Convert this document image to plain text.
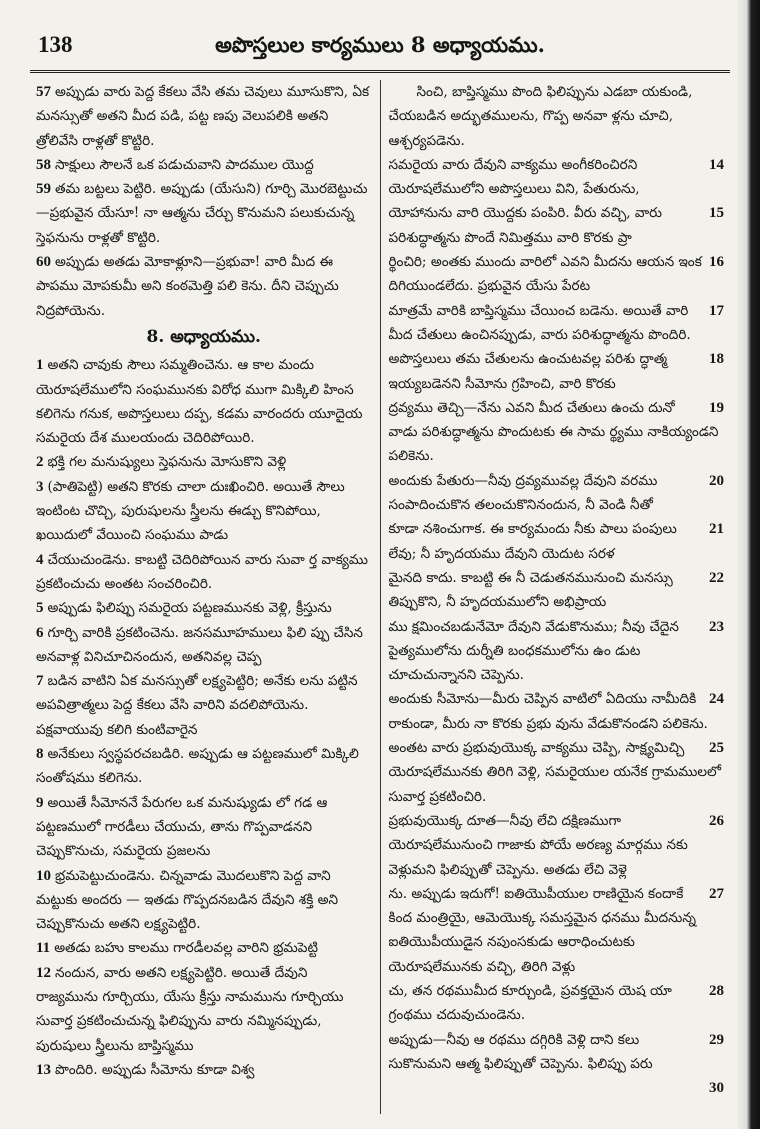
138	అపొస్తలుల కార్యములు 8 అధ్యాయము.

57 అప్పుడు వారు పెద్ద కేకలు వేసి తమ చెవులు మూసుకొని, ఏక మనస్సుతో అతని మీద పడి, పట్ట ణపు వెలుపలికి అతని త్రోలివేసి రాళ్లతో కొట్టిరి.

58 సాక్షులు సౌలనే ఒక పడుచువాని పాదముల యొద్ద

59 తమ బట్టలు పెట్టిరి. అప్పుడు (యేసుని) గూర్చి మొరబెట్టుచు—ప్రభువైన యేసూ! నా ఆత్మను చేర్చు కొనుమని పలుకుచున్న స్తెఫనును రాళ్లతో కొట్టిరి.

60 అప్పుడు అతడు మోకాళ్లూని—ప్రభువా! వారి మీద ఈ పాపము మోపకుమీ అని కంఠమెత్తి పలి కెను. దీని చెప్పుచు నిద్రపోయెను.

8. అధ్యాయము.

1 అతని చావుకు సౌలు సమ్మతించెను. ఆ కాల మందు యెరూషలేములోని సంఘమునకు విరోధ ముగా మిక్కిలి హింస కలిగెను గనుక, అపొస్తలులు దప్ప, కడమ వారందరు యూదైయ సమరైయ దేశ ములయందు చెదిరిపోయిరి.

2 భక్తి గల మనుష్యులు స్తెఫనును మోసుకొని వెళ్లి

3 (పాతిపెట్టి) అతని కొరకు చాలా దుఃఖించిరి. అయితే సౌలు ఇంటింట చొచ్చి, పురుషులను స్త్రీలను ఈడ్చు కొనిపోయి, ఖయిదులో వేయించి సంఘము పాడు

4 చేయుచుండెను. కాబట్టి చెదిరిపోయిన వారు సువా ర్త వాక్యము ప్రకటించుచు అంతట సంచరించిరి.

5 అప్పుడు ఫిలిప్పు సమరైయ పట్టణమునకు వెళ్లి, క్రీస్తును

6 గూర్చి వారికి ప్రకటించెను. జనసమూహములు ఫిలి ప్పు చేసిన అనవాళ్ల వినిచూచినందున, అతనివల్ల చెప్ప

7 బడిన వాటిని ఏక మనస్సుతో లక్ష్యపెట్టిరి; అనేకు లను పట్టిన అపవిత్రాత్మలు పెద్ద కేకలు వేసి వారిని వదలిపోయెను. పక్షవాయువు కలిగి కుంటివారైన

8 అనేకులు స్వస్థపరచబడిరి. అప్పుడు ఆ పట్టణములో మిక్కిలి సంతోషము కలిగెను.

9 అయితే సీమోననే పేరుగల ఒక మనుష్యుడు లో గడ ఆ పట్టణములో గారడీలు చేయుచు, తాను గొప్పవాడనని చెప్పుకొనుచు, సమరైయ ప్రజలను

10 భ్రమపెట్టుచుండెను. చిన్నవాడు మొదలుకొని పెద్ద వాని మట్టుకు అందరు — ఇతడు గొప్పదనబడిన దేవుని శక్తి అని చెప్పుకొనుచు అతని లక్ష్యపెట్టిరి.

11 అతడు బహు కాలము గారడీలవల్ల వారిని భ్రమపెట్టి

12 నందున, వారు అతని లక్ష్యపెట్టిరి. అయితే దేవుని రాజ్యమును గూర్చియు, యేసు క్రీస్తు నామమును గూర్చియు సువార్త ప్రకటించుచున్న ఫిలిప్పును వారు నమ్మినప్పుడు, పురుషులు స్త్రీలును బాప్తిస్మము

13 పొందిరి. అప్పుడు సీమోను కూడా విశ్వ

సించి, బాప్తిస్మము పొంది ఫిలిప్పును ఎడబా యకుండి, చేయబడిన అద్భుతములను, గొప్ప అనవా ళ్లను చూచి, ఆశ్చర్యపడెను.

14
సమరైయ వారు దేవుని వాక్యము అంగీకరించిరని యెరూషలేములోని అపొస్తలులు విని, పేతురును,

15
యోహానును వారి యొద్దకు పంపిరి. వీరు వచ్చి, వారు పరిశుద్ధాత్మను పొందే నిమిత్తము వారి కొరకు ప్రా

16
ర్థించిరి; అంతకు ముందు వారిలో ఎవని మీదను ఆయన ఇంక దిగియుండలేదు. ప్రభువైన యేసు పేరట

17
మాత్రమే వారికి బాప్తిస్మము చేయించ బడెను. అయితే వారి మీద చేతులు ఉంచినప్పుడు, వారు పరిశుద్ధాత్మను పొందిరి.

18
అపొస్తలులు తమ చేతులను ఉంచుటవల్ల పరిశు ద్ధాత్మ ఇయ్యబడెనని సీమోను గ్రహించి, వారి కొరకు

19
ద్రవ్యము తెచ్చి—నేను ఎవని మీద చేతులు ఉంచు దునో వాడు పరిశుద్ధాత్మను పొందుటకు ఈ సామ ర్థ్యము నాకియ్యండని పలికెను.

20
అందుకు పేతురు—నీవు ద్రవ్యమువల్ల దేవుని వరము సంపాదించుకొన తలంచుకొనినందున, నీ వెండి నీతో

21
కూడా నశించుగాక. ఈ కార్యమందు నీకు పాలు పంపులు లేవు; నీ హృదయము దేవుని యెదుట సరళ

22
మైనది కాదు. కాబట్టి ఈ నీ చెడుతనమునుంచి మనస్సు తిప్పుకొని, నీ హృదయములోని అభిప్రాయ

23
ము క్షమించబడునేమో దేవుని వేడుకొనుము; నీవు చేదైన పైత్యములోను దుర్నీతి బంధకములోను ఉం డుట చూచుచున్నానని చెప్పెను.

24
అందుకు సీమోను—మీరు చెప్పిన వాటిలో ఏదియు నామీదికి రాకుండా, మీరు నా కొరకు ప్రభు వును వేడుకొనండని పలికెను.

25
అంతట వారు ప్రభువుయొక్క వాక్యము చెప్పి, సాక్ష్యమిచ్చి యెరూషలేమునకు తిరిగి వెళ్లి, సమరైయుల యనేక గ్రామములలో సువార్త ప్రకటించిరి.

26
ప్రభువుయొక్క దూత—నీవు లేచి దక్షిణముగా యెరూషలేమునుంచి గాజాకు పోయే అరణ్య మార్గము నకు వెళ్లుమని ఫిలిప్పుతో చెప్పెను. అతడు లేచి వెళ్లె

27
ను. అప్పుడు ఇదుగో! ఐతియొపీయుల రాణియైన కందాకే కింద మంత్రియై, ఆమెయొక్క సమస్తమైన ధనము మీదనున్న ఐతియొపీయుడైన నపుంసకుడు ఆరాధించుటకు యెరూషలేమునకు వచ్చి, తిరిగి వెళ్లు

28
చు, తన రథముమీద కూర్చుండి, ప్రవక్తయైన యెష యా గ్రంథము చదువుచుండెను.

29
అప్పుడు—నీవు ఆ రథము దగ్గిరికి వెళ్లి దాని కలు సుకొనుమని ఆత్మ ఫిలిప్పుతో చెప్పెను. ఫిలిప్పు పరు

30
